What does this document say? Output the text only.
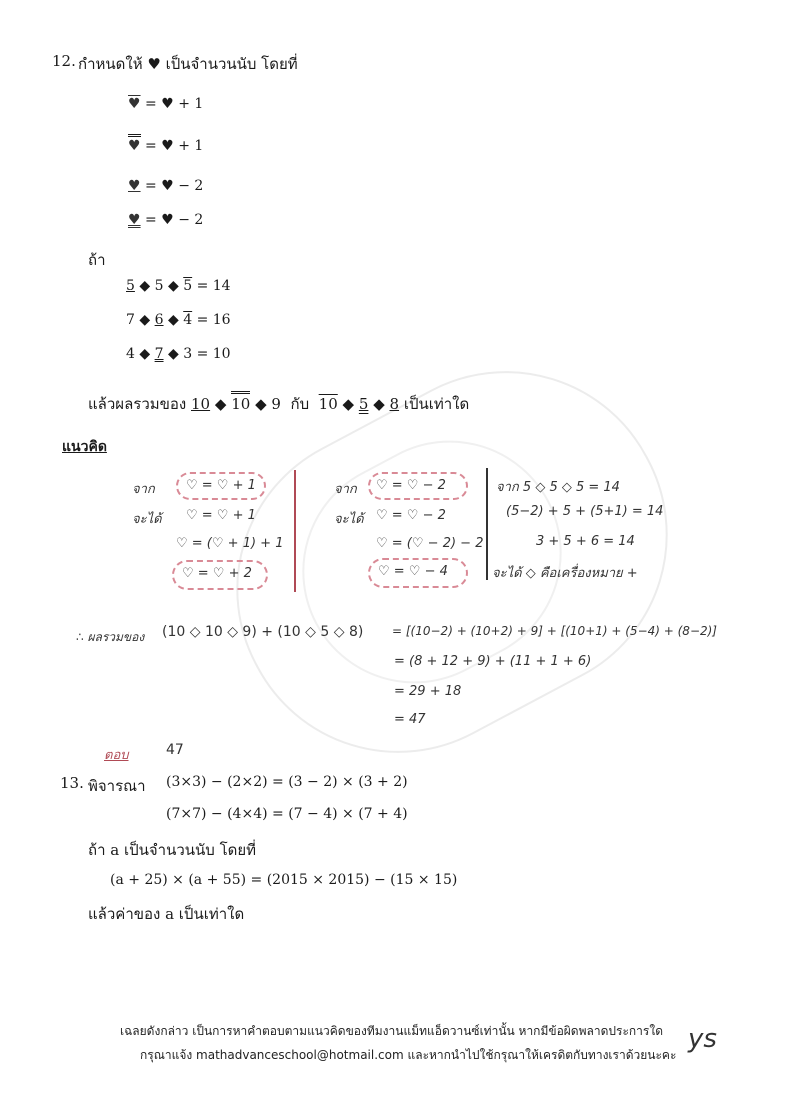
12. กำหนดให้ ♥ เป็นจำนวนนับ โดยที่
♥ = ♥ + 1
♥ = ♥ + 1
♥ = ♥ − 2
♥ = ♥ − 2
ถ้า
5 ◆ 5 ◆ 5 = 14
7 ◆ 6 ◆ 4 = 16
4 ◆ 7 ◆ 3 = 10
แล้วผลรวมของ 10 ◆ 10 ◆ 9 กับ 10 ◆ 5 ◆ 8 เป็นเท่าใด
แนวคิด
จาก ♡ = ♡ + 1
จะได้ ♡ = ♡ + 1
♡ = (♡ + 1) + 1
♡ = ♡ + 2
จาก ♡ = ♡ − 2
จะได้ ♡ = ♡ − 2
♡ = (♡ − 2) − 2
♡ = ♡ − 4
จาก 5 ◇ 5 ◇ 5 = 14
(5−2) + 5 + (5+1) = 14
3 + 5 + 6 = 14
จะได้ ◇ คือเครื่องหมาย +
∴ ผลรวมของ (10 ◇ 10 ◇ 9) + (10 ◇ 5 ◇ 8) = [(10−2) + (10+2) + 9] + [(10+1) + (5−4) + (8−2)]
= (8 + 12 + 9) + (11 + 1 + 6)
= 29 + 18
= 47
ตอบ	47
13. พิจารณา (3×3) − (2×2) = (3 − 2) × (3 + 2)
(7×7) − (4×4) = (7 − 4) × (7 + 4)
ถ้า a เป็นจำนวนนับ โดยที่
(a + 25) × (a + 55) = (2015 × 2015) − (15 × 15)
แล้วค่าของ a เป็นเท่าใด
เฉลยดังกล่าว เป็นการหาคำตอบตามแนวคิดของทีมงานแม็ทแอ็ดวานซ์เท่านั้น หากมีข้อผิดพลาดประการใด
กรุณาแจ้ง mathadvanceschool@hotmail.com และหากนำไปใช้กรุณาให้เครดิตกับทางเราด้วยนะคะ
ys
